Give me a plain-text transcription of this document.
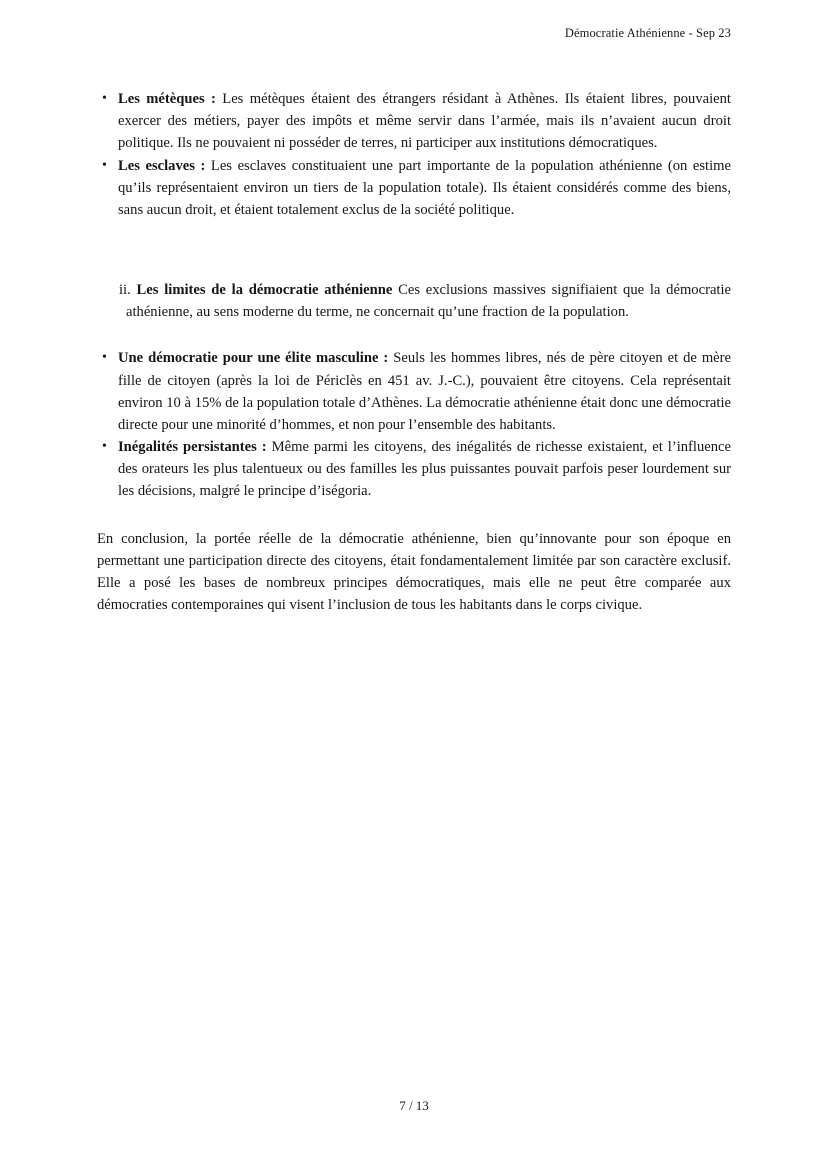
Démocratie Athénienne - Sep 23
• Les métèques : Les métèques étaient des étrangers résidant à Athènes. Ils étaient libres, pouvaient exercer des métiers, payer des impôts et même servir dans l’armée, mais ils n’avaient aucun droit politique. Ils ne pouvaient ni posséder de terres, ni participer aux institutions démocratiques.
• Les esclaves : Les esclaves constituaient une part importante de la population athénienne (on estime qu’ils représentaient environ un tiers de la population totale). Ils étaient considérés comme des biens, sans aucun droit, et étaient totalement exclus de la société politique.
ii. Les limites de la démocratie athénienne Ces exclusions massives signifiaient que la démocratie athénienne, au sens moderne du terme, ne concernait qu’une fraction de la population.
• Une démocratie pour une élite masculine : Seuls les hommes libres, nés de père citoyen et de mère fille de citoyen (après la loi de Périclès en 451 av. J.-C.), pouvaient être citoyens. Cela représentait environ 10 à 15% de la population totale d’Athènes. La démocratie athénienne était donc une démocratie directe pour une minorité d’hommes, et non pour l’ensemble des habitants.
• Inégalités persistantes : Même parmi les citoyens, des inégalités de richesse existaient, et l’influence des orateurs les plus talentueux ou des familles les plus puissantes pouvait parfois peser lourdement sur les décisions, malgré le principe d’iségoria.

En conclusion, la portée réelle de la démocratie athénienne, bien qu’innovante pour son époque en permettant une participation directe des citoyens, était fondamentalement limitée par son caractère exclusif. Elle a posé les bases de nombreux principes démocratiques, mais elle ne peut être comparée aux démocraties contemporaines qui visent l’inclusion de tous les habitants dans le corps civique.

7 / 13
